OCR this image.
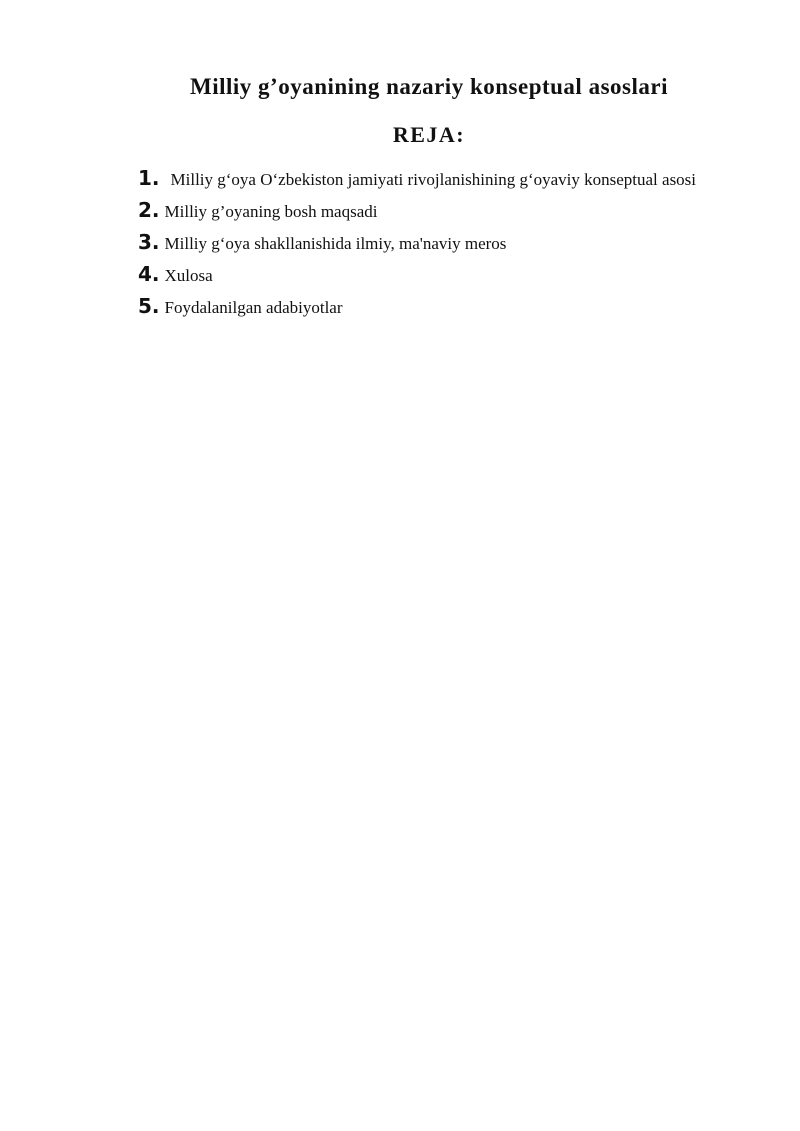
Milliy g’oyanining nazariy konseptual asoslari
REJA:
1. Milliy g‘oya O‘zbekiston jamiyati rivojlanishining g‘oyaviy konseptual asosi
2. Milliy g’oyaning bosh maqsadi
3. Milliy g‘oya shakllanishida ilmiy, ma'naviy meros
4. Xulosa
5. Foydalanilgan adabiyotlar
